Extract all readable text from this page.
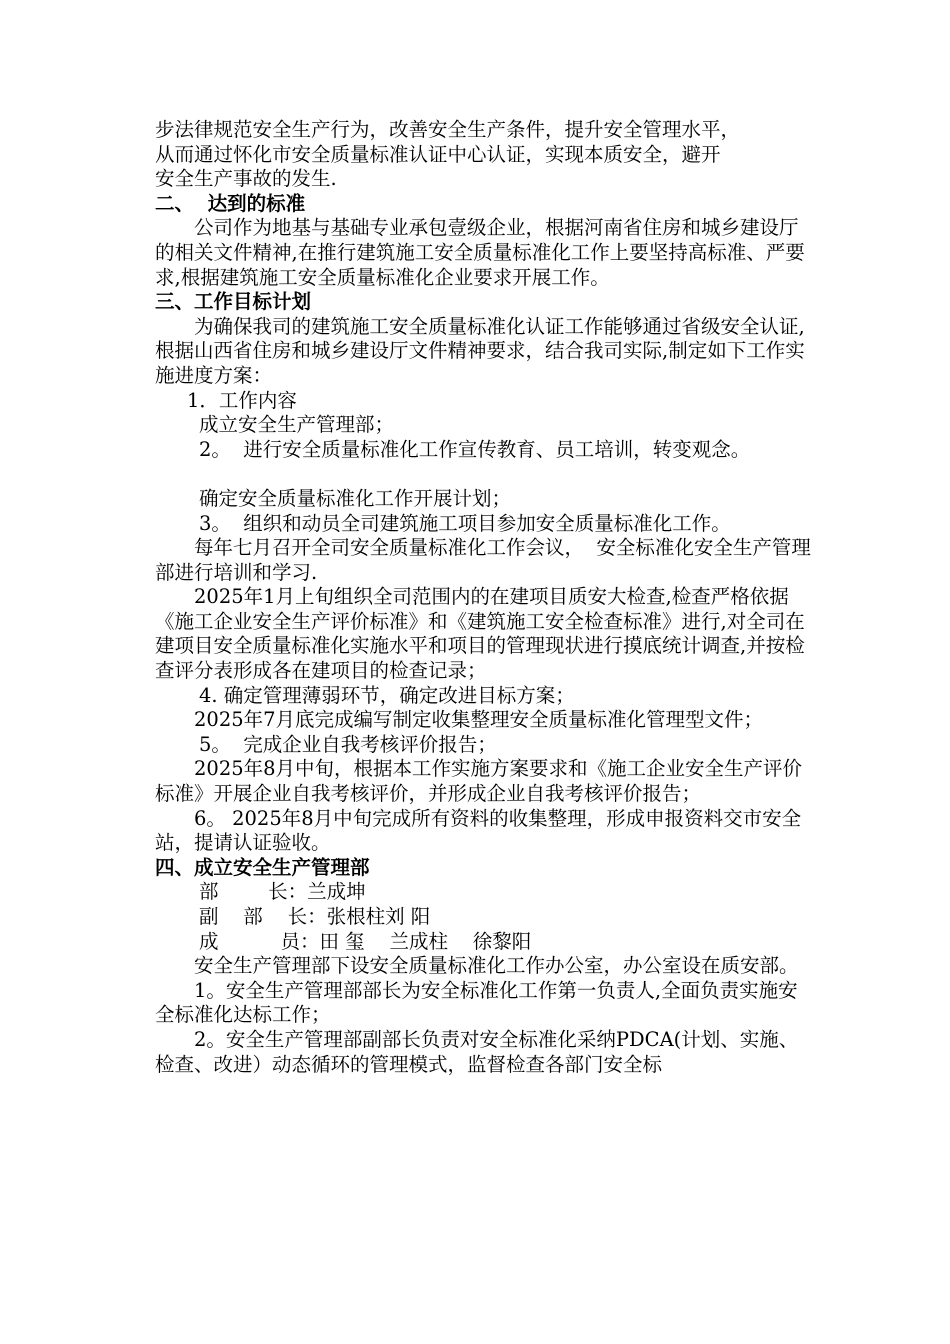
步法律规范安全生产行为，改善安全生产条件，提升安全管理水平，

从而通过怀化市安全质量标准认证中心认证，实现本质安全，避开

安全生产事故的发生.

二、  达到的标准

公司作为地基与基础专业承包壹级企业，根据河南省住房和城乡建设厅的相关文件精神,在推行建筑施工安全质量标准化工作上要坚持高标准、严要求,根据建筑施工安全质量标准化企业要求开展工作。

三、工作目标计划

为确保我司的建筑施工安全质量标准化认证工作能够通过省级安全认证,根据山西省住房和城乡建设厅文件精神要求，结合我司实际,制定如下工作实施进度方案：

1．工作内容

成立安全生产管理部；

2。  进行安全质量标准化工作宣传教育、员工培训，转变观念。

确定安全质量标准化工作开展计划；

3。  组织和动员全司建筑施工项目参加安全质量标准化工作。

每年七月召开全司安全质量标准化工作会议，  安全标准化安全生产管理部进行培训和学习.

2025年1月上旬组织全司范围内的在建项目质安大检查,检查严格依据《施工企业安全生产评价标准》和《建筑施工安全检查标准》进行,对全司在建项目安全质量标准化实施水平和项目的管理现状进行摸底统计调查,并按检查评分表形成各在建项目的检查记录；

4. 确定管理薄弱环节，确定改进目标方案；

2025年7月底完成编写制定收集整理安全质量标准化管理型文件；

5。  完成企业自我考核评价报告；

2025年8月中旬，根据本工作实施方案要求和《施工企业安全生产评价标准》开展企业自我考核评价，并形成企业自我考核评价报告；

6。 2025年8月中旬完成所有资料的收集整理，形成申报资料交市安全站，提请认证验收。

四、成立安全生产管理部

部        长：兰成坤

副    部    长：张根柱刘 阳

成          员：田 玺    兰成柱    徐黎阳

安全生产管理部下设安全质量标准化工作办公室，办公室设在质安部。

1。安全生产管理部部长为安全标准化工作第一负责人,全面负责实施安全标准化达标工作；

2。安全生产管理部副部长负责对安全标准化采纳PDCA(计划、实施、检查、改进）动态循环的管理模式，监督检查各部门安全标
